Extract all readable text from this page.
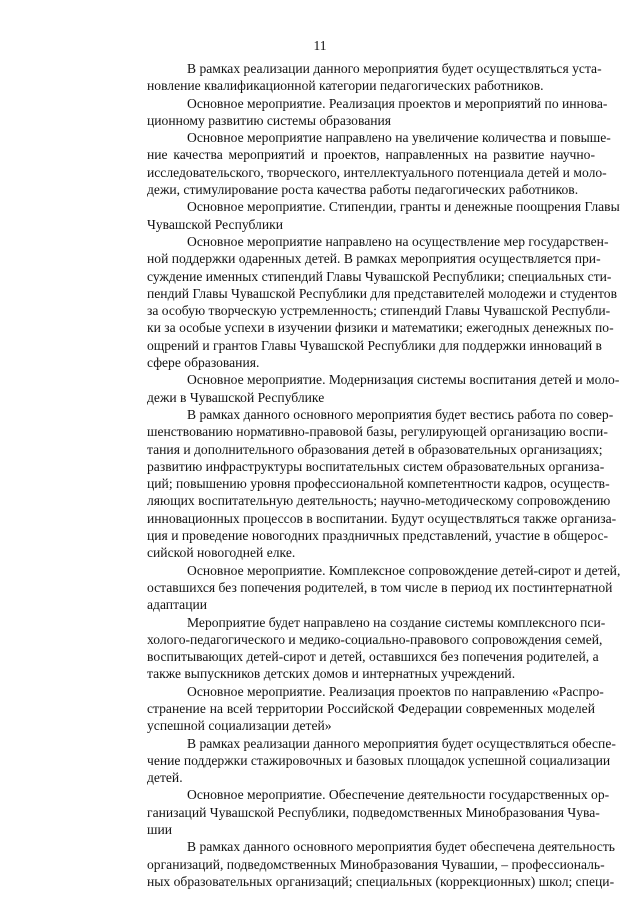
11
В рамках реализации данного мероприятия будет осуществляться уста-
новление квалификационной категории педагогических работников.
Основное мероприятие. Реализация проектов и мероприятий по иннова-
ционному развитию системы образования
Основное мероприятие направлено на увеличение количества и повыше-
ние качества мероприятий и проектов, направленных на развитие научно-
исследовательского, творческого, интеллектуального потенциала детей и моло-
дежи, стимулирование роста качества работы педагогических работников.
Основное мероприятие. Стипендии, гранты и денежные поощрения Главы
Чувашской Республики
Основное мероприятие направлено на осуществление мер государствен-
ной поддержки одаренных детей. В рамках мероприятия осуществляется при-
суждение именных стипендий Главы Чувашской Республики; специальных сти-
пендий Главы Чувашской Республики для представителей молодежи и студентов
за особую творческую устремленность; стипендий Главы Чувашской Республи-
ки за особые успехи в изучении физики и математики; ежегодных денежных по-
ощрений и грантов Главы Чувашской Республики для поддержки инноваций в
сфере образования.
Основное мероприятие. Модернизация системы воспитания детей и моло-
дежи в Чувашской Республике
В рамках данного основного мероприятия будет вестись работа по совер-
шенствованию нормативно-правовой базы, регулирующей организацию воспи-
тания и дополнительного образования детей в образовательных организациях;
развитию инфраструктуры воспитательных систем образовательных организа-
ций; повышению уровня профессиональной компетентности кадров, осуществ-
ляющих воспитательную деятельность; научно-методическому сопровождению
инновационных процессов в воспитании. Будут осуществляться также организа-
ция и проведение новогодних праздничных представлений, участие в общерос-
сийской новогодней елке.
Основное мероприятие. Комплексное сопровождение детей-сирот и детей,
оставшихся без попечения родителей, в том числе в период их постинтернатной
адаптации
Мероприятие будет направлено на создание системы комплексного пси-
холого-педагогического и медико-социально-правового сопровождения семей,
воспитывающих детей-сирот и детей, оставшихся без попечения родителей, а
также выпускников детских домов и интернатных учреждений.
Основное мероприятие. Реализация проектов по направлению «Распро-
странение на всей территории Российской Федерации современных моделей
успешной социализации детей»
В рамках реализации данного мероприятия будет осуществляться обеспе-
чение поддержки стажировочных и базовых площадок успешной социализации
детей.
Основное мероприятие. Обеспечение деятельности государственных ор-
ганизаций Чувашской Республики, подведомственных Минобразования Чува-
шии
В рамках данного основного мероприятия будет обеспечена деятельность
организаций, подведомственных Минобразования Чувашии, – профессиональ-
ных образовательных организаций; специальных (коррекционных) школ; специ-
